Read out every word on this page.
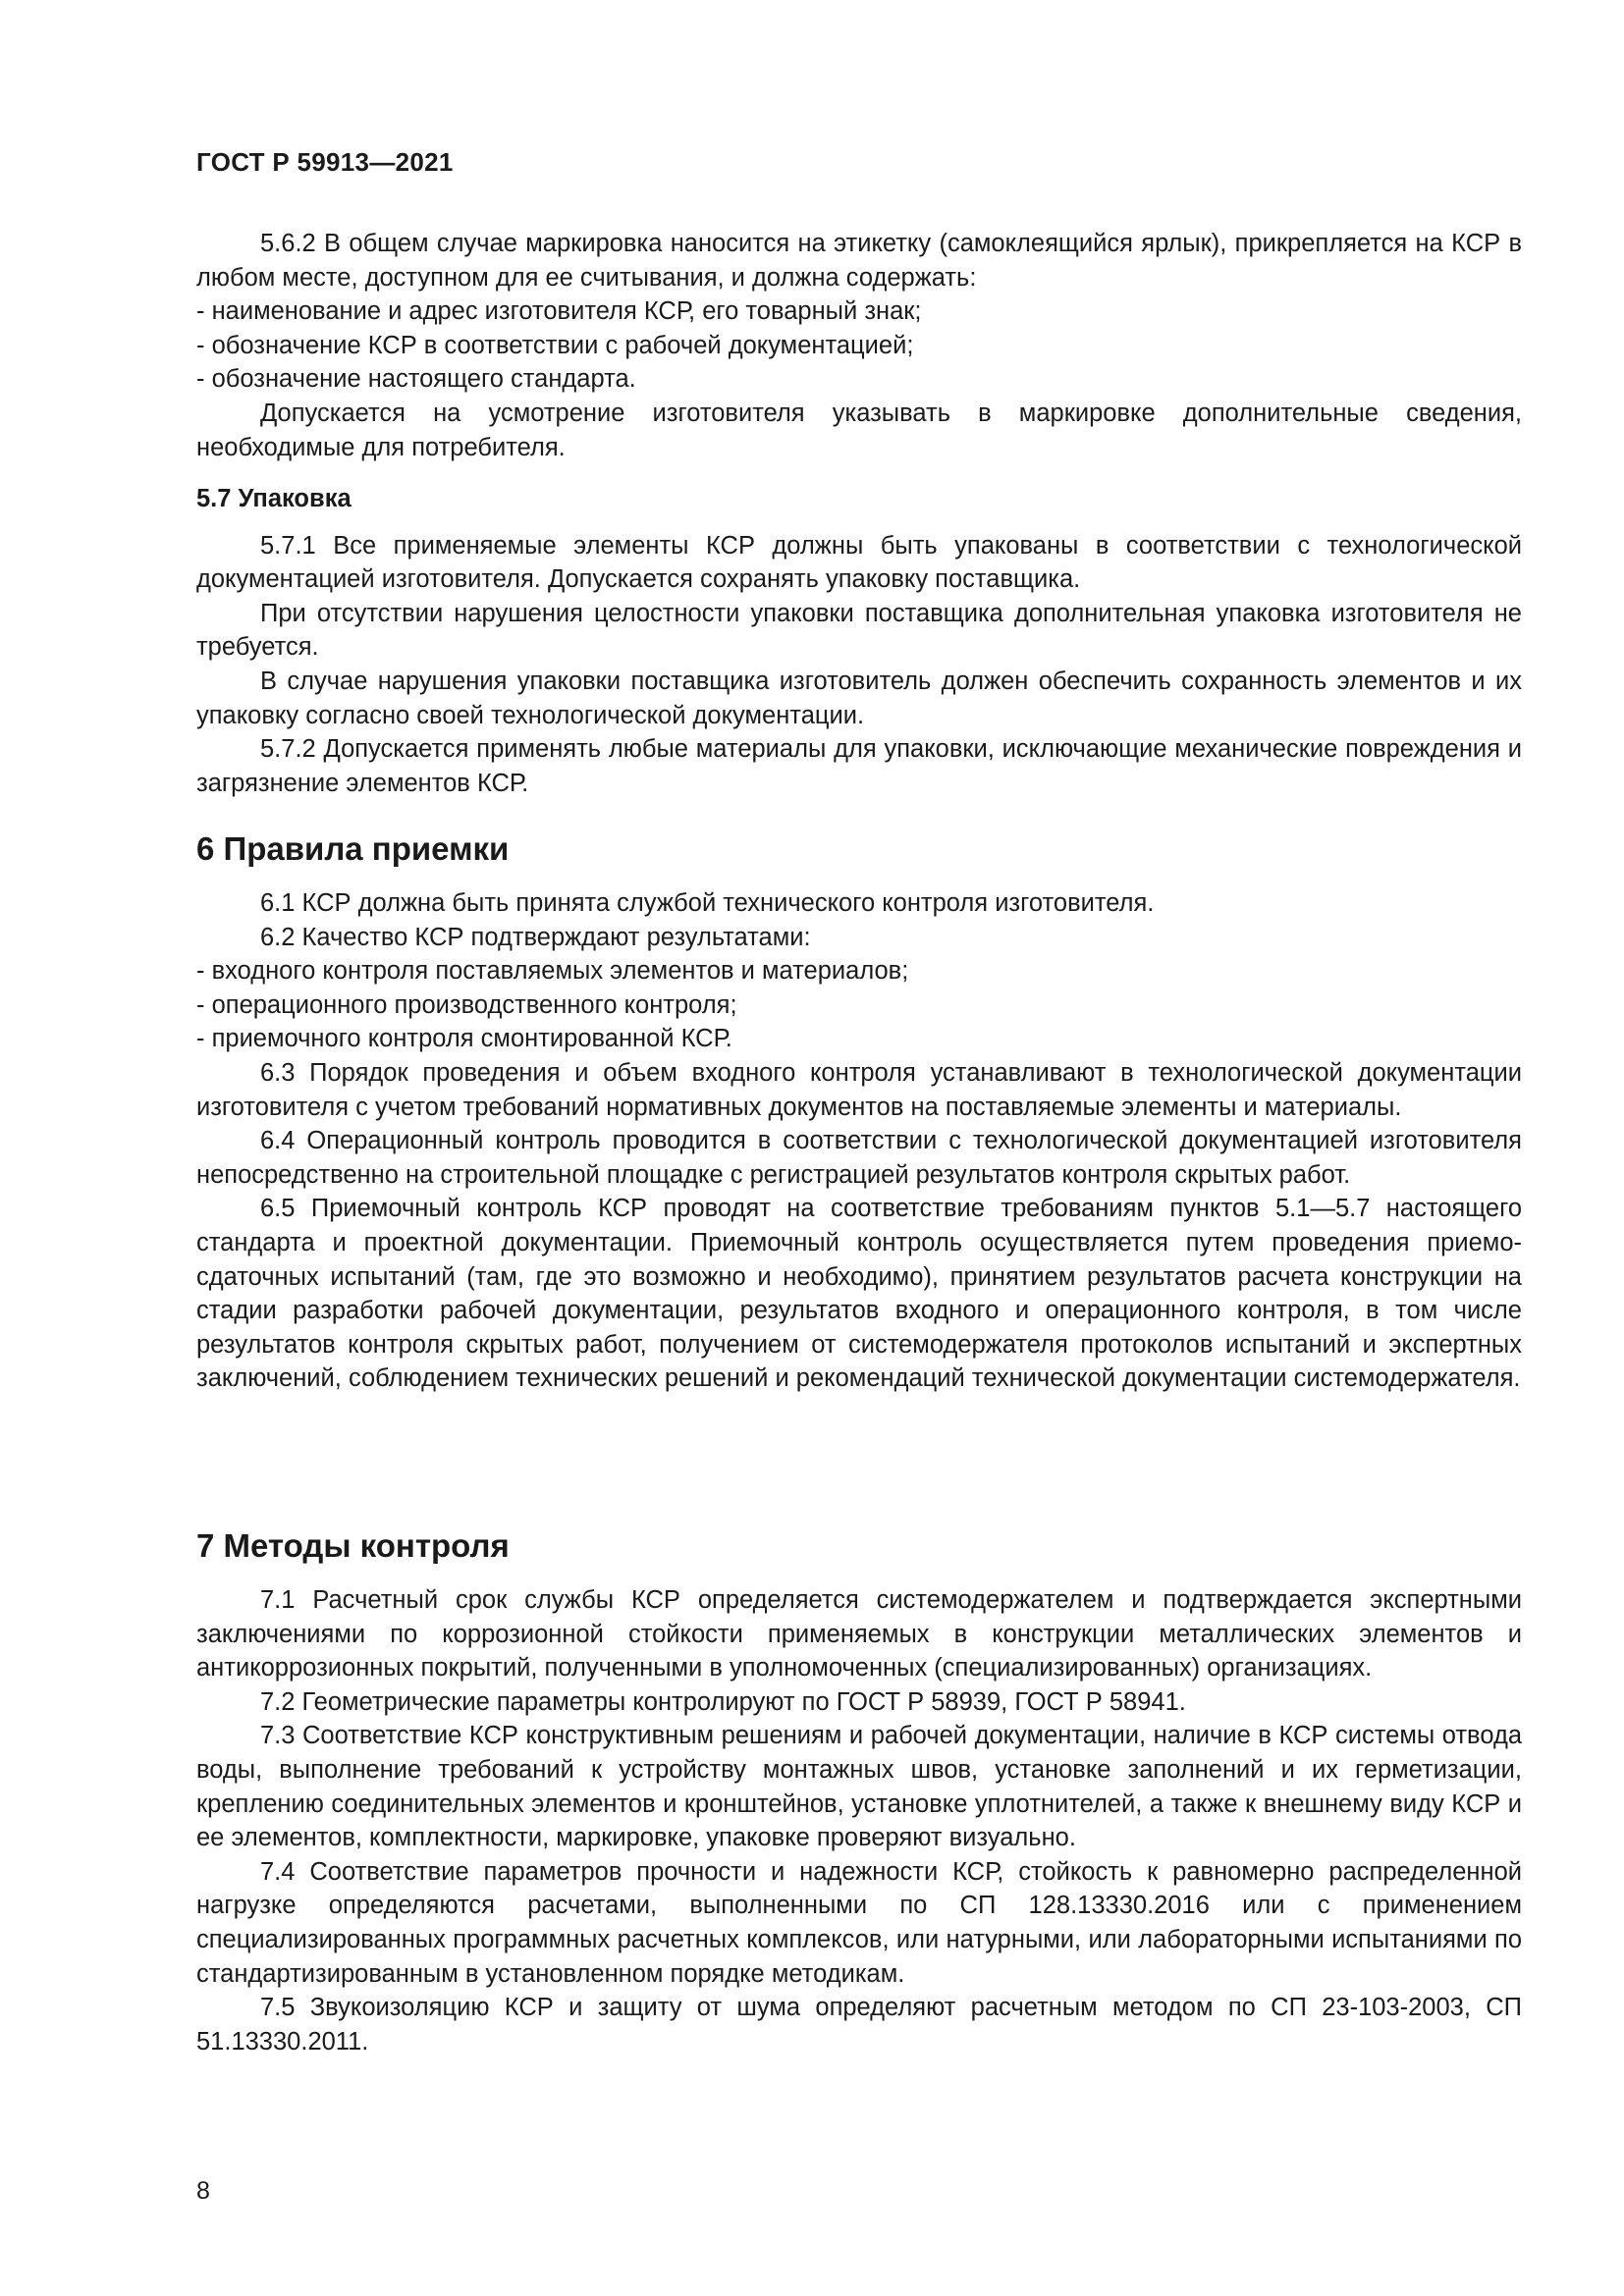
ГОСТ Р 59913—2021

5.6.2 В общем случае маркировка наносится на этикетку (самоклеящийся ярлык), прикрепляется на КСР в любом месте, доступном для ее считывания, и должна содержать:

- наименование и адрес изготовителя КСР, его товарный знак;

- обозначение КСР в соответствии с рабочей документацией;

- обозначение настоящего стандарта.

Допускается на усмотрение изготовителя указывать в маркировке дополнительные сведения, необходимые для потребителя.

5.7 Упаковка

5.7.1 Все применяемые элементы КСР должны быть упакованы в соответствии с технологической документацией изготовителя. Допускается сохранять упаковку поставщика.

При отсутствии нарушения целостности упаковки поставщика дополнительная упаковка изготовителя не требуется.

В случае нарушения упаковки поставщика изготовитель должен обеспечить сохранность элементов и их упаковку согласно своей технологической документации.

5.7.2 Допускается применять любые материалы для упаковки, исключающие механические повреждения и загрязнение элементов КСР.

6 Правила приемки

6.1 КСР должна быть принята службой технического контроля изготовителя.

6.2 Качество КСР подтверждают результатами:

- входного контроля поставляемых элементов и материалов;

- операционного производственного контроля;

- приемочного контроля смонтированной КСР.

6.3 Порядок проведения и объем входного контроля устанавливают в технологической документации изготовителя с учетом требований нормативных документов на поставляемые элементы и материалы.

6.4 Операционный контроль проводится в соответствии с технологической документацией изготовителя непосредственно на строительной площадке с регистрацией результатов контроля скрытых работ.

6.5 Приемочный контроль КСР проводят на соответствие требованиям пунктов 5.1—5.7 настоящего стандарта и проектной документации. Приемочный контроль осуществляется путем проведения приемо-сдаточных испытаний (там, где это возможно и необходимо), принятием результатов расчета конструкции на стадии разработки рабочей документации, результатов входного и операционного контроля, в том числе результатов контроля скрытых работ, получением от системодержателя протоколов испытаний и экспертных заключений, соблюдением технических решений и рекомендаций технической документации системодержателя.

7 Методы контроля

7.1 Расчетный срок службы КСР определяется системодержателем и подтверждается экспертными заключениями по коррозионной стойкости применяемых в конструкции металлических элементов и антикоррозионных покрытий, полученными в уполномоченных (специализированных) организациях.

7.2 Геометрические параметры контролируют по ГОСТ Р 58939, ГОСТ Р 58941.

7.3 Соответствие КСР конструктивным решениям и рабочей документации, наличие в КСР системы отвода воды, выполнение требований к устройству монтажных швов, установке заполнений и их герметизации, креплению соединительных элементов и кронштейнов, установке уплотнителей, а также к внешнему виду КСР и ее элементов, комплектности, маркировке, упаковке проверяют визуально.

7.4 Соответствие параметров прочности и надежности КСР, стойкость к равномерно распределенной нагрузке определяются расчетами, выполненными по СП 128.13330.2016 или с применением специализированных программных расчетных комплексов, или натурными, или лабораторными испытаниями по стандартизированным в установленном порядке методикам.

7.5 Звукоизоляцию КСР и защиту от шума определяют расчетным методом по СП 23-103-2003, СП 51.13330.2011.

8
